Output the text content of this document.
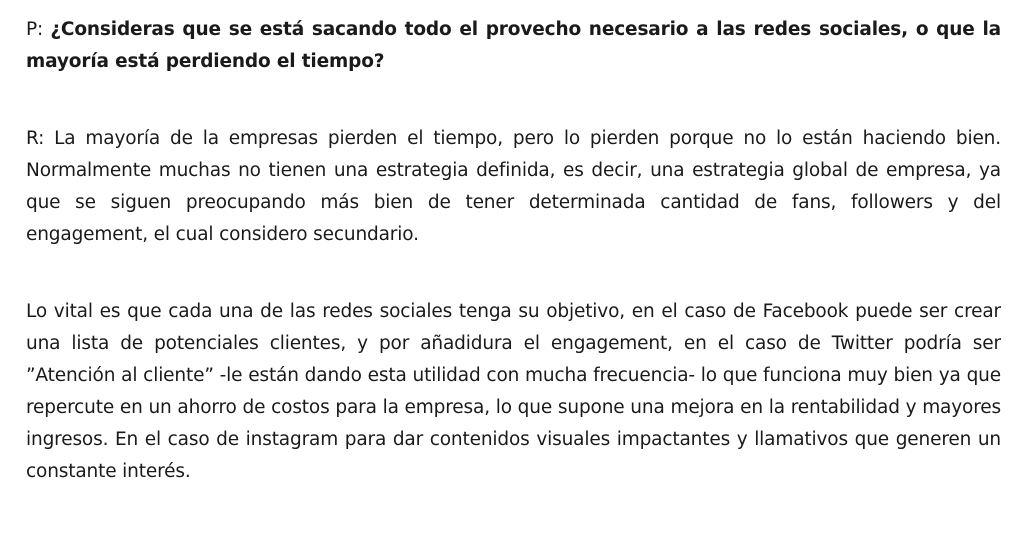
P: ¿Consideras que se está sacando todo el provecho necesario a las redes sociales, o que la mayoría está perdiendo el tiempo?

R: La mayoría de la empresas pierden el tiempo, pero lo pierden porque no lo están haciendo bien. Normalmente muchas no tienen una estrategia definida, es decir, una estrategia global de empresa, ya que se siguen preocupando más bien de tener determinada cantidad de fans, followers y del engagement, el cual considero secundario.

Lo vital es que cada una de las redes sociales tenga su objetivo, en el caso de Facebook puede ser crear una lista de potenciales clientes, y por añadidura el engagement, en el caso de Twitter podría ser ”Atención al cliente” -le están dando esta utilidad con mucha frecuencia- lo que funciona muy bien ya que repercute en un ahorro de costos para la empresa, lo que supone una mejora en la rentabilidad y mayores ingresos. En el caso de instagram para dar contenidos visuales impactantes y llamativos que generen un constante interés.
